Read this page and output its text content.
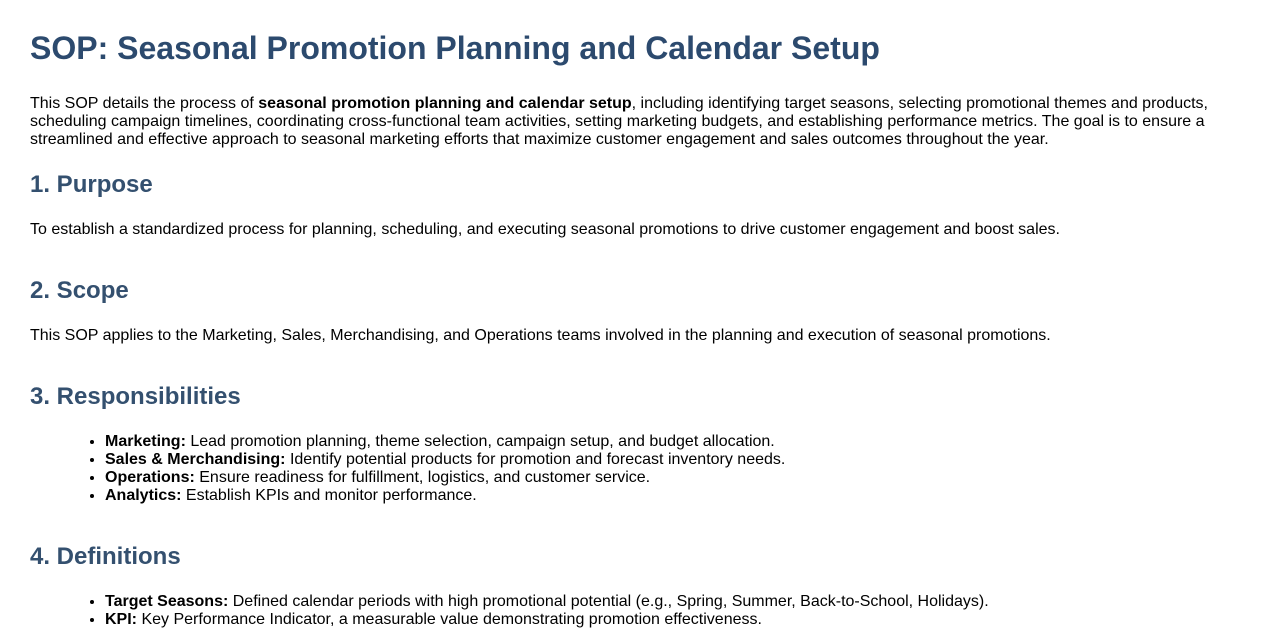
SOP: Seasonal Promotion Planning and Calendar Setup

This SOP details the process of seasonal promotion planning and calendar setup, including identifying target seasons, selecting promotional themes and products, scheduling campaign timelines, coordinating cross-functional team activities, setting marketing budgets, and establishing performance metrics. The goal is to ensure a streamlined and effective approach to seasonal marketing efforts that maximize customer engagement and sales outcomes throughout the year.

1. Purpose

To establish a standardized process for planning, scheduling, and executing seasonal promotions to drive customer engagement and boost sales.

2. Scope

This SOP applies to the Marketing, Sales, Merchandising, and Operations teams involved in the planning and execution of seasonal promotions.

3. Responsibilities
• Marketing: Lead promotion planning, theme selection, campaign setup, and budget allocation.
• Sales & Merchandising: Identify potential products for promotion and forecast inventory needs.
• Operations: Ensure readiness for fulfillment, logistics, and customer service.
• Analytics: Establish KPIs and monitor performance.
4. Definitions
• Target Seasons: Defined calendar periods with high promotional potential (e.g., Spring, Summer, Back-to-School, Holidays).
• KPI: Key Performance Indicator, a measurable value demonstrating promotion effectiveness.
